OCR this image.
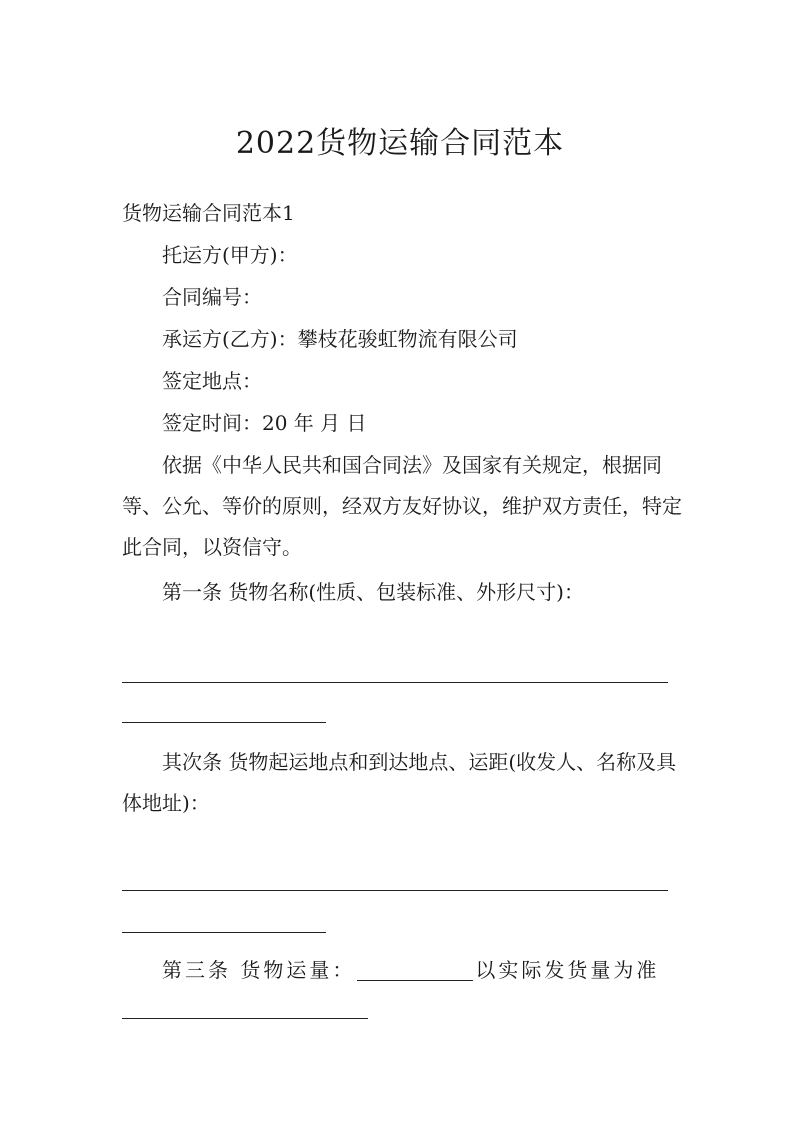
2022货物运输合同范本
货物运输合同范本1
托运方(甲方)：
合同编号：
承运方(乙方)：攀枝花骏虹物流有限公司
签定地点：
签定时间：20 年 月 日
依据《中华人民共和国合同法》及国家有关规定，根据同等、公允、等价的原则，经双方友好协议，维护双方责任，特定此合同，以资信守。
第一条 货物名称(性质、包装标准、外形尺寸)：
其次条 货物起运地点和到达地点、运距(收发人、名称及具体地址)：
第三条 货物运量：	以实际发货量为准
